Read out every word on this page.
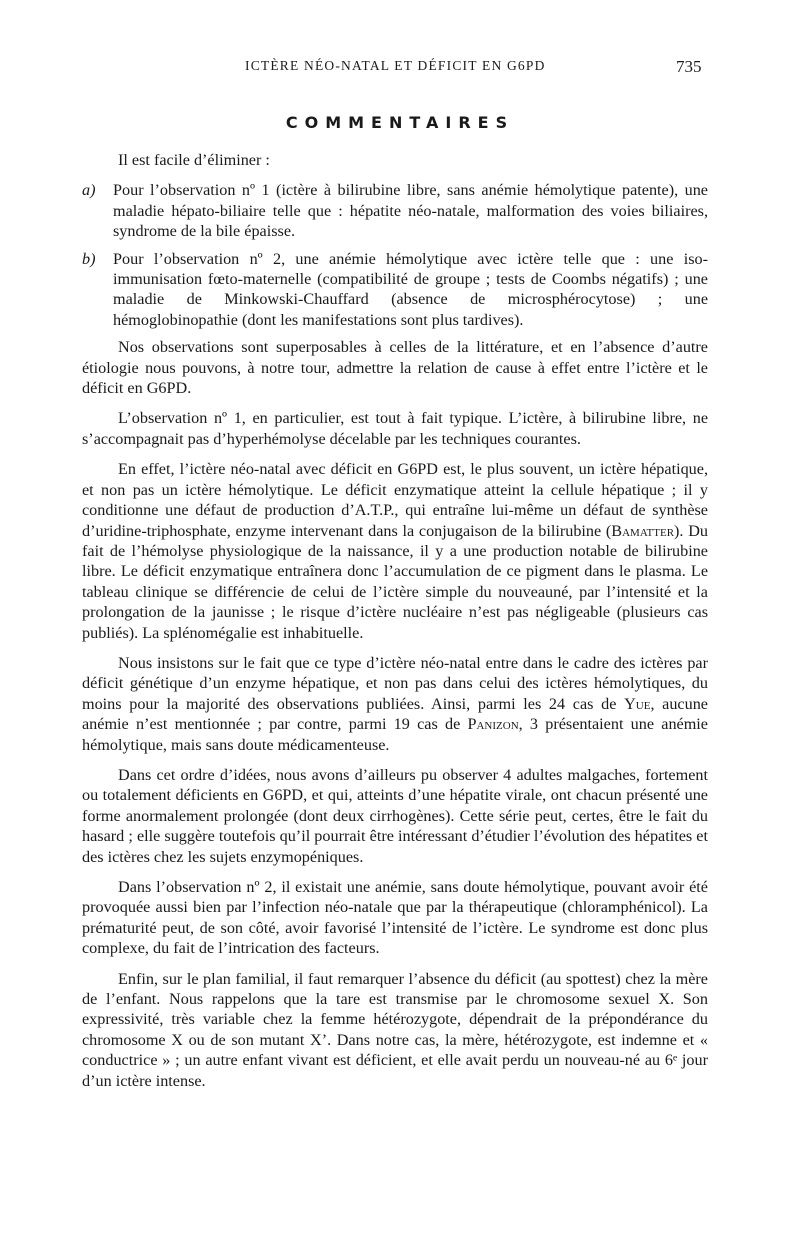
ICTÈRE NÉO-NATAL ET DÉFICIT EN G6PD	735
COMMENTAIRES

Il est facile d’éliminer :

a) Pour l’observation nº 1 (ictère à bilirubine libre, sans anémie hémolytique patente), une maladie hépato-biliaire telle que : hépatite néo-natale, malformation des voies biliaires, syndrome de la bile épaisse.

b) Pour l’observation nº 2, une anémie hémolytique avec ictère telle que : une iso-immunisation fœto-maternelle (compatibilité de groupe ; tests de Coombs négatifs) ; une maladie de Minkowski-Chauffard (absence de microsphérocytose) ; une hémoglobinopathie (dont les manifestations sont plus tardives).

Nos observations sont superposables à celles de la littérature, et en l’absence d’autre étiologie nous pouvons, à notre tour, admettre la relation de cause à effet entre l’ictère et le déficit en G6PD.

L’observation nº 1, en particulier, est tout à fait typique. L’ictère, à bilirubine libre, ne s’accompagnait pas d’hyperhémolyse décelable par les techniques courantes.

En effet, l’ictère néo-natal avec déficit en G6PD est, le plus souvent, un ictère hépatique, et non pas un ictère hémolytique. Le déficit enzymatique atteint la cellule hépatique ; il y conditionne une défaut de production d’A.T.P., qui entraîne lui-même un défaut de synthèse d’uridine-triphosphate, enzyme intervenant dans la conjugaison de la bilirubine (Bamatter). Du fait de l’hémolyse physiologique de la naissance, il y a une production notable de bilirubine libre. Le déficit enzymatique entraînera donc l’accumulation de ce pigment dans le plasma. Le tableau clinique se différencie de celui de l’ictère simple du nouveauné, par l’intensité et la prolongation de la jaunisse ; le risque d’ictère nucléaire n’est pas négligeable (plusieurs cas publiés). La splénomégalie est inhabituelle.

Nous insistons sur le fait que ce type d’ictère néo-natal entre dans le cadre des ictères par déficit génétique d’un enzyme hépatique, et non pas dans celui des ictères hémolytiques, du moins pour la majorité des observations publiées. Ainsi, parmi les 24 cas de Yue, aucune anémie n’est mentionnée ; par contre, parmi 19 cas de Panizon, 3 présentaient une anémie hémolytique, mais sans doute médicamenteuse.

Dans cet ordre d’idées, nous avons d’ailleurs pu observer 4 adultes malgaches, fortement ou totalement déficients en G6PD, et qui, atteints d’une hépatite virale, ont chacun présenté une forme anormalement prolongée (dont deux cirrhogènes). Cette série peut, certes, être le fait du hasard ; elle suggère toutefois qu’il pourrait être intéressant d’étudier l’évolution des hépatites et des ictères chez les sujets enzymopéniques.

Dans l’observation nº 2, il existait une anémie, sans doute hémolytique, pouvant avoir été provoquée aussi bien par l’infection néo-natale que par la thérapeutique (chloramphénicol). La prématurité peut, de son côté, avoir favorisé l’intensité de l’ictère. Le syndrome est donc plus complexe, du fait de l’intrication des facteurs.

Enfin, sur le plan familial, il faut remarquer l’absence du déficit (au spottest) chez la mère de l’enfant. Nous rappelons que la tare est transmise par le chromosome sexuel X. Son expressivité, très variable chez la femme hétérozygote, dépendrait de la prépondérance du chromosome X ou de son mutant X’. Dans notre cas, la mère, hétérozygote, est indemne et « conductrice » ; un autre enfant vivant est déficient, et elle avait perdu un nouveau-né au 6ᵉ jour d’un ictère intense.
